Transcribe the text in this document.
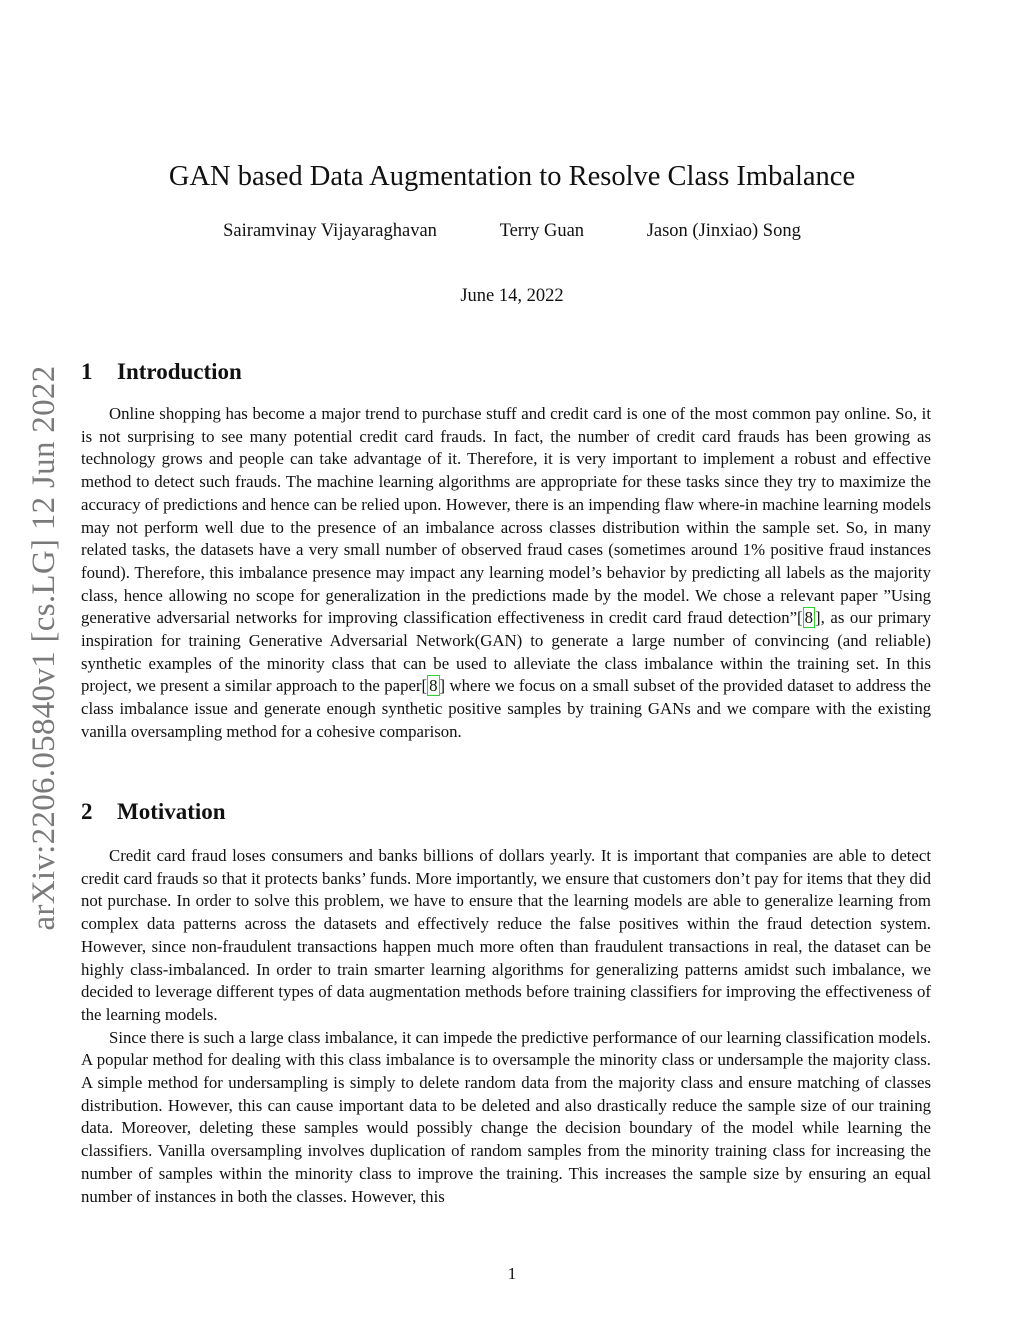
arXiv:2206.05840v1 [cs.LG] 12 Jun 2022
GAN based Data Augmentation to Resolve Class Imbalance
Sairamvinay Vijayaraghavan	Terry Guan	Jason (Jinxiao) Song
June 14, 2022
1 Introduction

Online shopping has become a major trend to purchase stuff and credit card is one of the most common pay online. So, it is not surprising to see many potential credit card frauds. In fact, the number of credit card frauds has been growing as technology grows and people can take advantage of it. Therefore, it is very important to implement a robust and effective method to detect such frauds. The machine learning algorithms are appropriate for these tasks since they try to maximize the accuracy of predictions and hence can be relied upon. However, there is an impending flaw where-in machine learning models may not perform well due to the presence of an imbalance across classes distribution within the sample set. So, in many related tasks, the datasets have a very small number of observed fraud cases (sometimes around 1% positive fraud instances found). Therefore, this imbalance presence may impact any learning model’s behavior by predicting all labels as the majority class, hence allowing no scope for generalization in the predictions made by the model. We chose a relevant paper ”Using generative adversarial networks for improving classification effectiveness in credit card fraud detection”[ 8 ], as our primary inspiration for training Generative Adversarial Network(GAN) to generate a large number of convincing (and reliable) synthetic examples of the minority class that can be used to alleviate the class imbalance within the training set. In this project, we present a similar approach to the paper[ 8 ] where we focus on a small subset of the provided dataset to address the class imbalance issue and generate enough synthetic positive samples by training GANs and we compare with the existing vanilla oversampling method for a cohesive comparison.

2 Motivation

Credit card fraud loses consumers and banks billions of dollars yearly. It is important that companies are able to detect credit card frauds so that it protects banks’ funds. More importantly, we ensure that customers don’t pay for items that they did not purchase. In order to solve this problem, we have to ensure that the learning models are able to generalize learning from complex data patterns across the datasets and effectively reduce the false positives within the fraud detection system. However, since non-fraudulent transactions happen much more often than fraudulent transactions in real, the dataset can be highly class-imbalanced. In order to train smarter learning algorithms for generalizing patterns amidst such imbalance, we decided to leverage different types of data augmentation methods before training classifiers for improving the effectiveness of the learning models.

Since there is such a large class imbalance, it can impede the predictive performance of our learning classification models. A popular method for dealing with this class imbalance is to oversample the minority class or undersample the majority class. A simple method for undersampling is simply to delete random data from the majority class and ensure matching of classes distribution. However, this can cause important data to be deleted and also drastically reduce the sample size of our training data. Moreover, deleting these samples would possibly change the decision boundary of the model while learning the classifiers. Vanilla oversampling involves duplication of random samples from the minority training class for increasing the number of samples within the minority class to improve the training. This increases the sample size by ensuring an equal number of instances in both the classes. However, this

1
